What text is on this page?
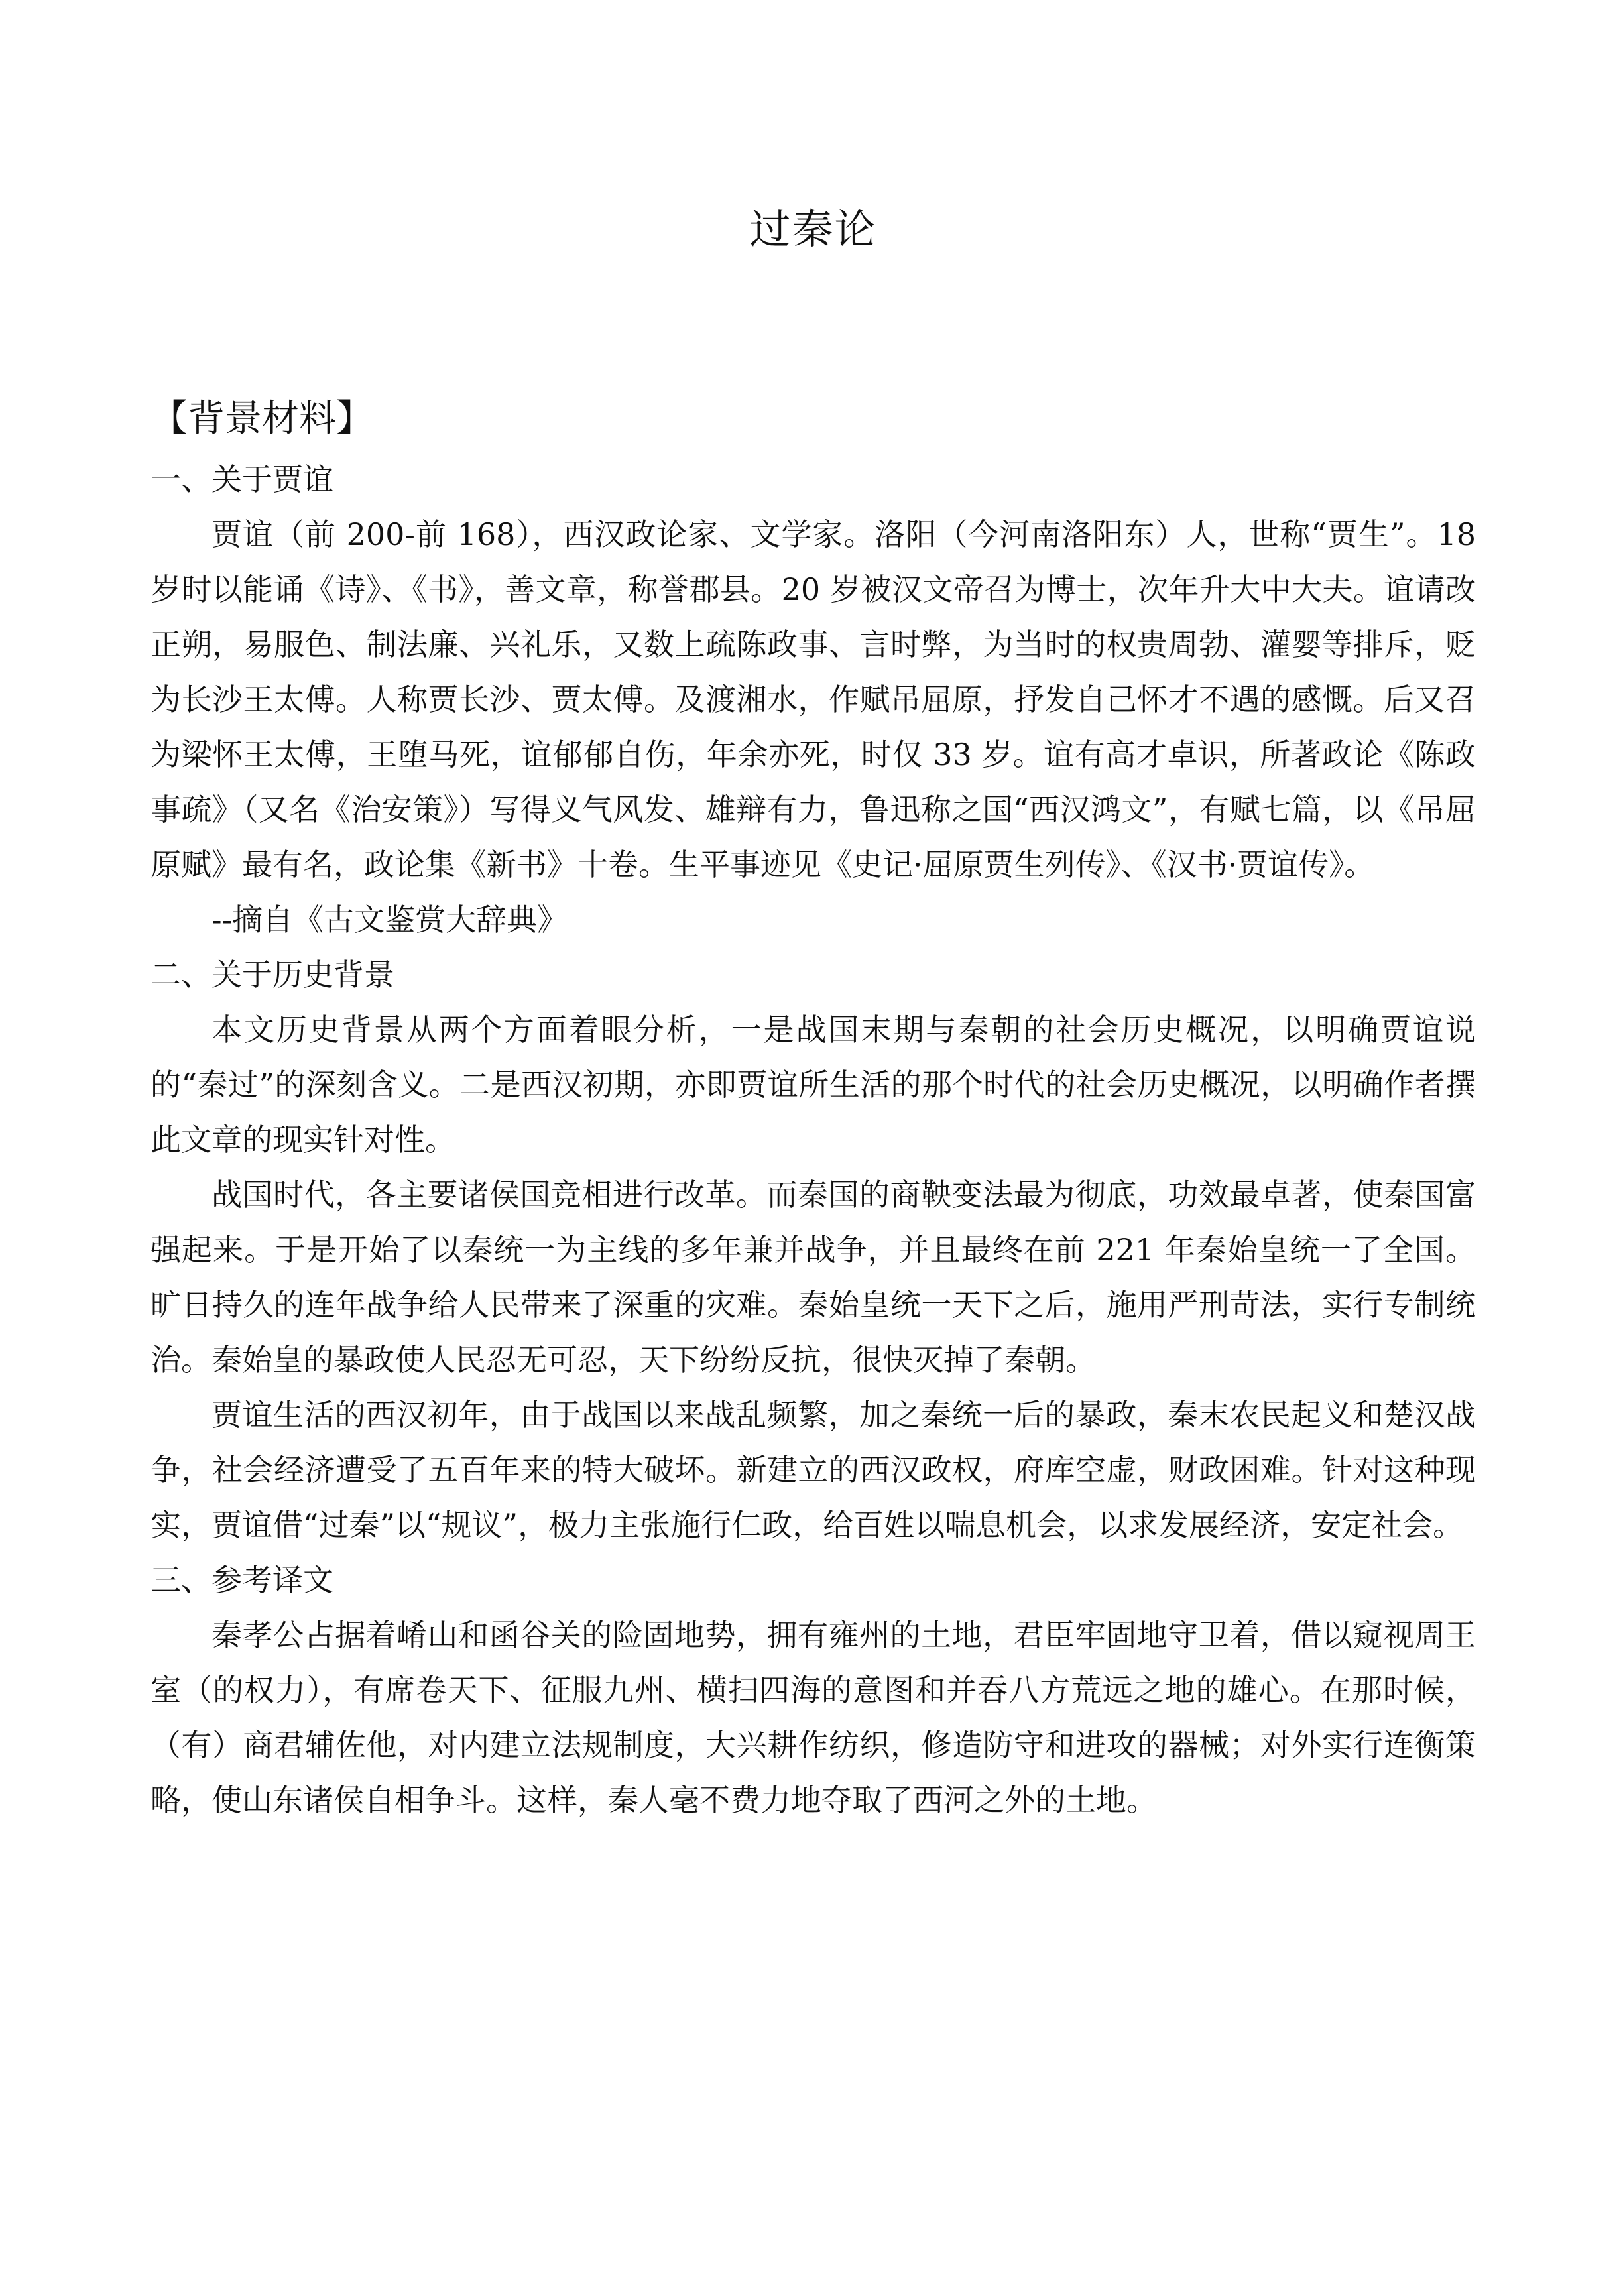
过秦论
【背景材料】
一、关于贾谊

贾谊（前 200-前 168），西汉政论家、文学家。洛阳（今河南洛阳东）人，世称“贾生”。18 岁时以能诵《诗》、《书》，善文章，称誉郡县。20 岁被汉文帝召为博士，次年升大中大夫。谊请改正朔，易服色、制法廉、兴礼乐，又数上疏陈政事、言时弊，为当时的权贵周勃、灌婴等排斥，贬为长沙王太傅。人称贾长沙、贾太傅。及渡湘水，作赋吊屈原，抒发自己怀才不遇的感慨。后又召为梁怀王太傅，王堕马死，谊郁郁自伤，年余亦死，时仅 33 岁。谊有高才卓识，所著政论《陈政事疏》（又名《治安策》）写得义气风发、雄辩有力，鲁迅称之国“西汉鸿文”，有赋七篇，以《吊屈原赋》最有名，政论集《新书》十卷。生平事迹见《史记·屈原贾生列传》、《汉书·贾谊传》。

--摘自《古文鉴赏大辞典》

二、关于历史背景

本文历史背景从两个方面着眼分析，一是战国末期与秦朝的社会历史概况，以明确贾谊说的“秦过”的深刻含义。二是西汉初期，亦即贾谊所生活的那个时代的社会历史概况，以明确作者撰此文章的现实针对性。

战国时代，各主要诸侯国竞相进行改革。而秦国的商鞅变法最为彻底，功效最卓著，使秦国富强起来。于是开始了以秦统一为主线的多年兼并战争，并且最终在前 221 年秦始皇统一了全国。旷日持久的连年战争给人民带来了深重的灾难。秦始皇统一天下之后，施用严刑苛法，实行专制统治。秦始皇的暴政使人民忍无可忍，天下纷纷反抗，很快灭掉了秦朝。

贾谊生活的西汉初年，由于战国以来战乱频繁，加之秦统一后的暴政，秦末农民起义和楚汉战争，社会经济遭受了五百年来的特大破坏。新建立的西汉政权，府库空虚，财政困难。针对这种现实，贾谊借“过秦”以“规议”，极力主张施行仁政，给百姓以喘息机会，以求发展经济，安定社会。

三、参考译文

秦孝公占据着崤山和函谷关的险固地势，拥有雍州的土地，君臣牢固地守卫着，借以窥视周王室（的权力），有席卷天下、征服九州、横扫四海的意图和并吞八方荒远之地的雄心。在那时候，（有）商君辅佐他，对内建立法规制度，大兴耕作纺织，修造防守和进攻的器械；对外实行连衡策略，使山东诸侯自相争斗。这样，秦人毫不费力地夺取了西河之外的土地。
